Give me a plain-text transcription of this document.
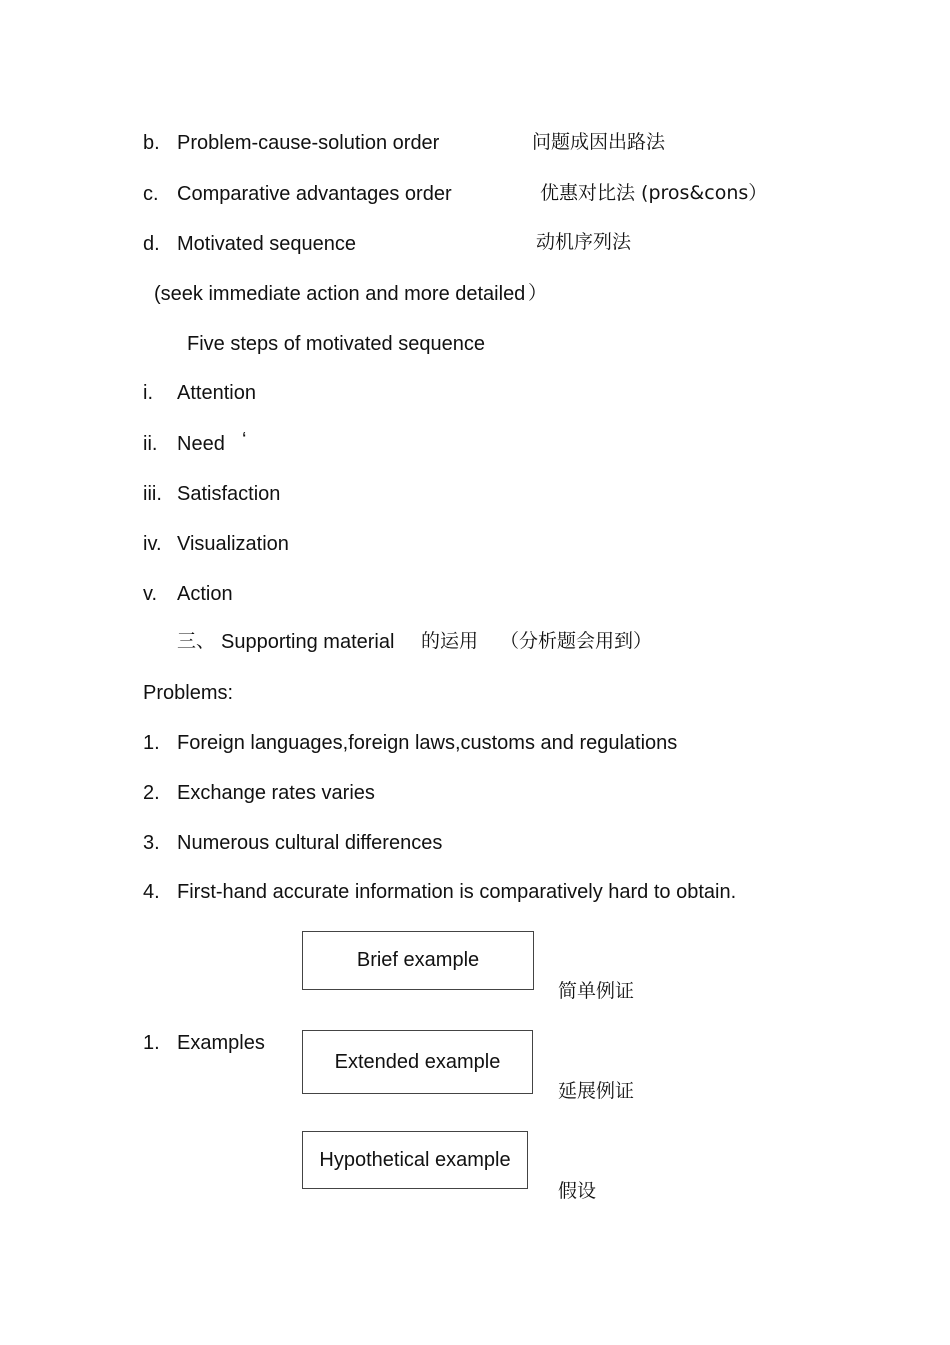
b. Problem-cause-solution order	问题成因出路法
c. Comparative advantages order	优惠对比法 (pros&cons）
d. Motivated sequence	动机序列法
(seek immediate action and more detailed ）
Five steps of motivated sequence
i. Attention
ii. Need ‘
iii. Satisfaction
iv. Visualization
v. Action
三、 Supporting material 的运用 （分析题会用到）
Problems:
1. Foreign languages,foreign laws,customs and regulations
2. Exchange rates varies
3. Numerous cultural differences
4. First-hand accurate information is comparatively hard to obtain.
1. Examples
Brief example
简单例证
Extended example
延展例证
Hypothetical example
假设
